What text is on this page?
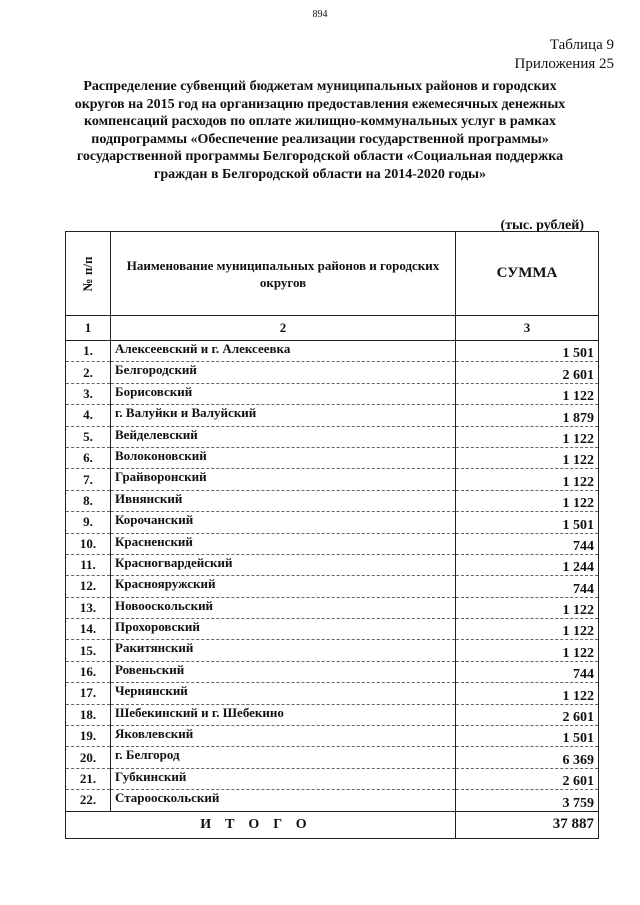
894
Таблица 9
Приложения 25
Распределение субвенций бюджетам муниципальных районов и городских округов на 2015 год на организацию предоставления ежемесячных денежных компенсаций расходов по оплате жилищно-коммунальных услуг в рамках подпрограммы «Обеспечение реализации государственной программы» государственной программы Белгородской области «Социальная поддержка граждан в Белгородской области на 2014-2020 годы»
(тыс. рублей)
№ п/п	Наименование муниципальных районов и городских округов	СУММА
1	2	3
1.	Алексеевский и г. Алексеевка	1 501
2.	Белгородский	2 601
3.	Борисовский	1 122
4.	г. Валуйки и Валуйский	1 879
5.	Вейделевский	1 122
6.	Волоконовский	1 122
7.	Грайворонский	1 122
8.	Ивнянский	1 122
9.	Корочанский	1 501
10.	Красненский	744
11.	Красногвардейский	1 244
12.	Краснояружский	744
13.	Новооскольский	1 122
14.	Прохоровский	1 122
15.	Ракитянский	1 122
16.	Ровеньский	744
17.	Чернянский	1 122
18.	Шебекинский и г. Шебекино	2 601
19.	Яковлевский	1 501
20.	г. Белгород	6 369
21.	Губкинский	2 601
22.	Старооскольский	3 759
ИТОГО		37 887
